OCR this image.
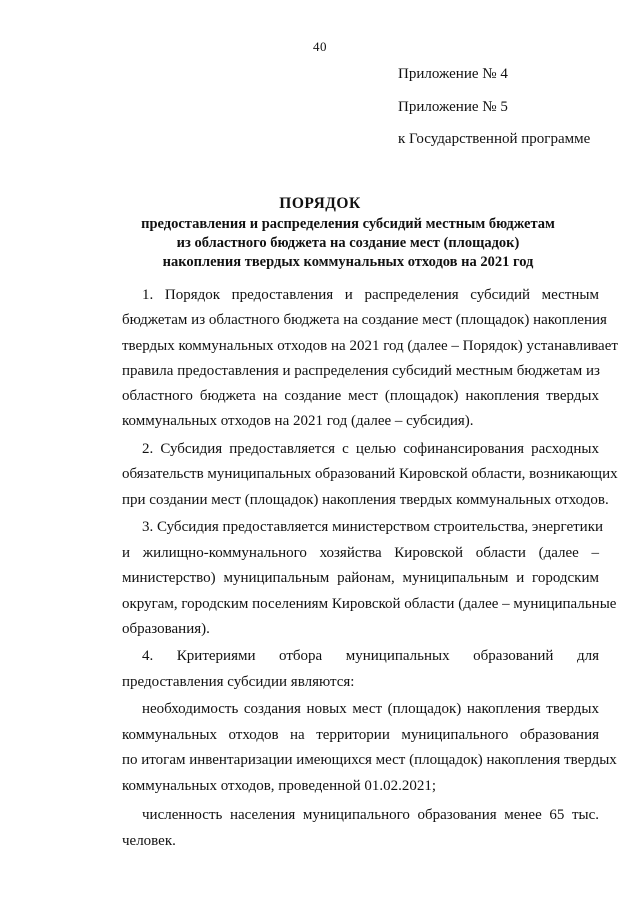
40
Приложение № 4
Приложение № 5
к Государственной программе
ПОРЯДОК
предоставления и распределения субсидий местным бюджетам
из областного бюджета на создание мест (площадок)
накопления твердых коммунальных отходов на 2021 год
1. Порядок предоставления и распределения субсидий местным
бюджетам из областного бюджета на создание мест (площадок) накопления
твердых коммунальных отходов на 2021 год (далее – Порядок) устанавливает
правила предоставления и распределения субсидий местным бюджетам из
областного бюджета на создание мест (площадок) накопления твердых
коммунальных отходов на 2021 год (далее – субсидия).
2. Субсидия предоставляется с целью софинансирования расходных
обязательств муниципальных образований Кировской области, возникающих
при создании мест (площадок) накопления твердых коммунальных отходов.
3. Субсидия предоставляется министерством строительства, энергетики
и жилищно-коммунального хозяйства Кировской области (далее –
министерство) муниципальным районам, муниципальным и городским
округам, городским поселениям Кировской области (далее – муниципальные
образования).
4. Критериями отбора муниципальных образований для
предоставления субсидии являются:
необходимость создания новых мест (площадок) накопления твердых
коммунальных отходов на территории муниципального образования
по итогам инвентаризации имеющихся мест (площадок) накопления твердых
коммунальных отходов, проведенной 01.02.2021;
численность населения муниципального образования менее 65 тыс.
человек.
